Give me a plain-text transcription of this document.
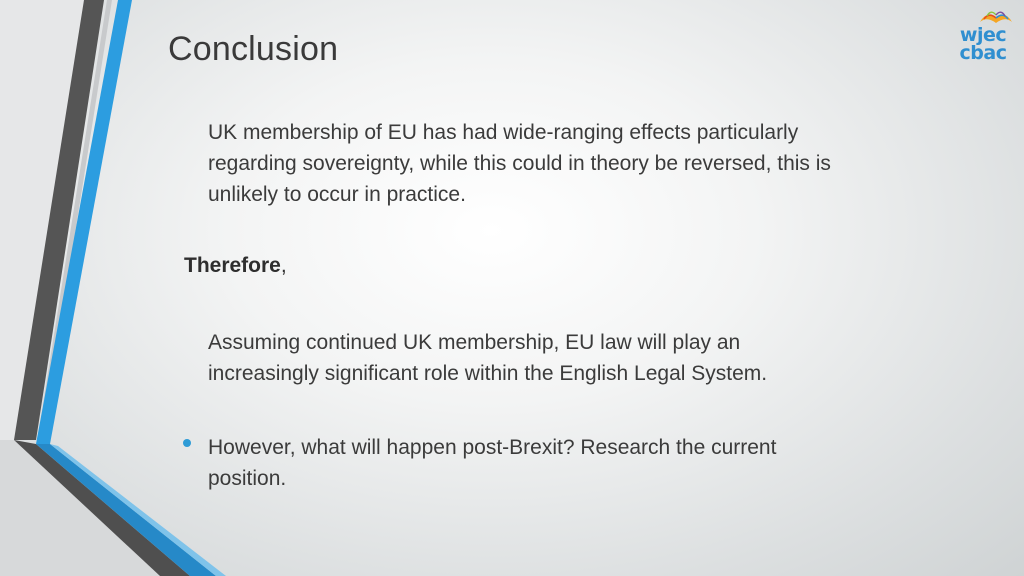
Conclusion
UK membership of EU has had wide-ranging effects particularly regarding sovereignty, while this could in theory be reversed, this is unlikely to occur in practice.
Therefore,
Assuming continued UK membership, EU law will play an increasingly significant role within the English Legal System.
However, what will happen post-Brexit? Research the current position.
wjec
cbac
